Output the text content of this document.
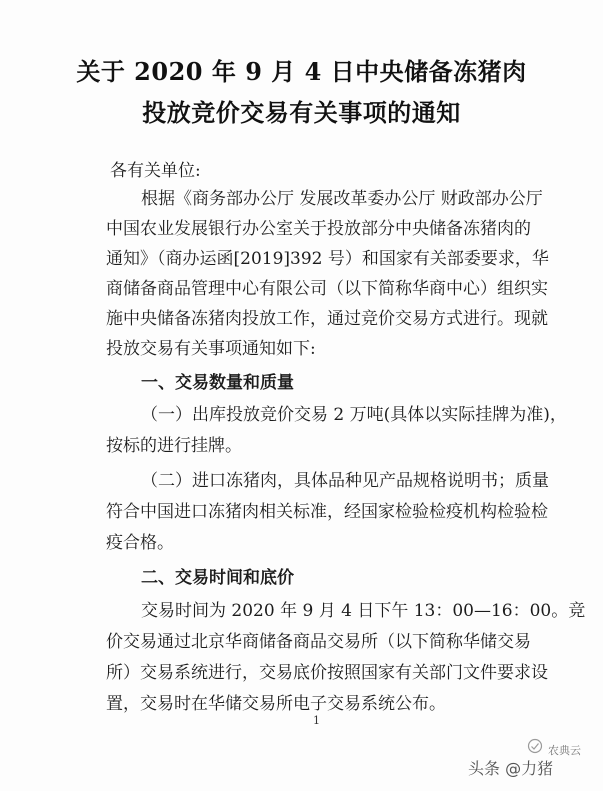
关于 2020 年 9 月 4 日中央储备冻猪肉
投放竞价交易有关事项的通知
各有关单位:
根据《商务部办公厅 发展改革委办公厅 财政部办公厅
中国农业发展银行办公室关于投放部分中央储备冻猪肉的
通知》（商办运函[2019]392 号）和国家有关部委要求，华
商储备商品管理中心有限公司（以下简称华商中心）组织实
施中央储备冻猪肉投放工作，通过竞价交易方式进行。现就
投放交易有关事项通知如下:
一、交易数量和质量
（一）出库投放竞价交易 2 万吨(具体以实际挂牌为准)，
按标的进行挂牌。
（二）进口冻猪肉，具体品种见产品规格说明书；质量
符合中国进口冻猪肉相关标准，经国家检验检疫机构检验检
疫合格。
二、交易时间和底价
交易时间为 2020 年 9 月 4 日下午 13：00—16：00。竞
价交易通过北京华商储备商品交易所（以下简称华储交易
所）交易系统进行，交易底价按照国家有关部门文件要求设
置，交易时在华储交易所电子交易系统公布。
1
农典云
头条 @力猪
